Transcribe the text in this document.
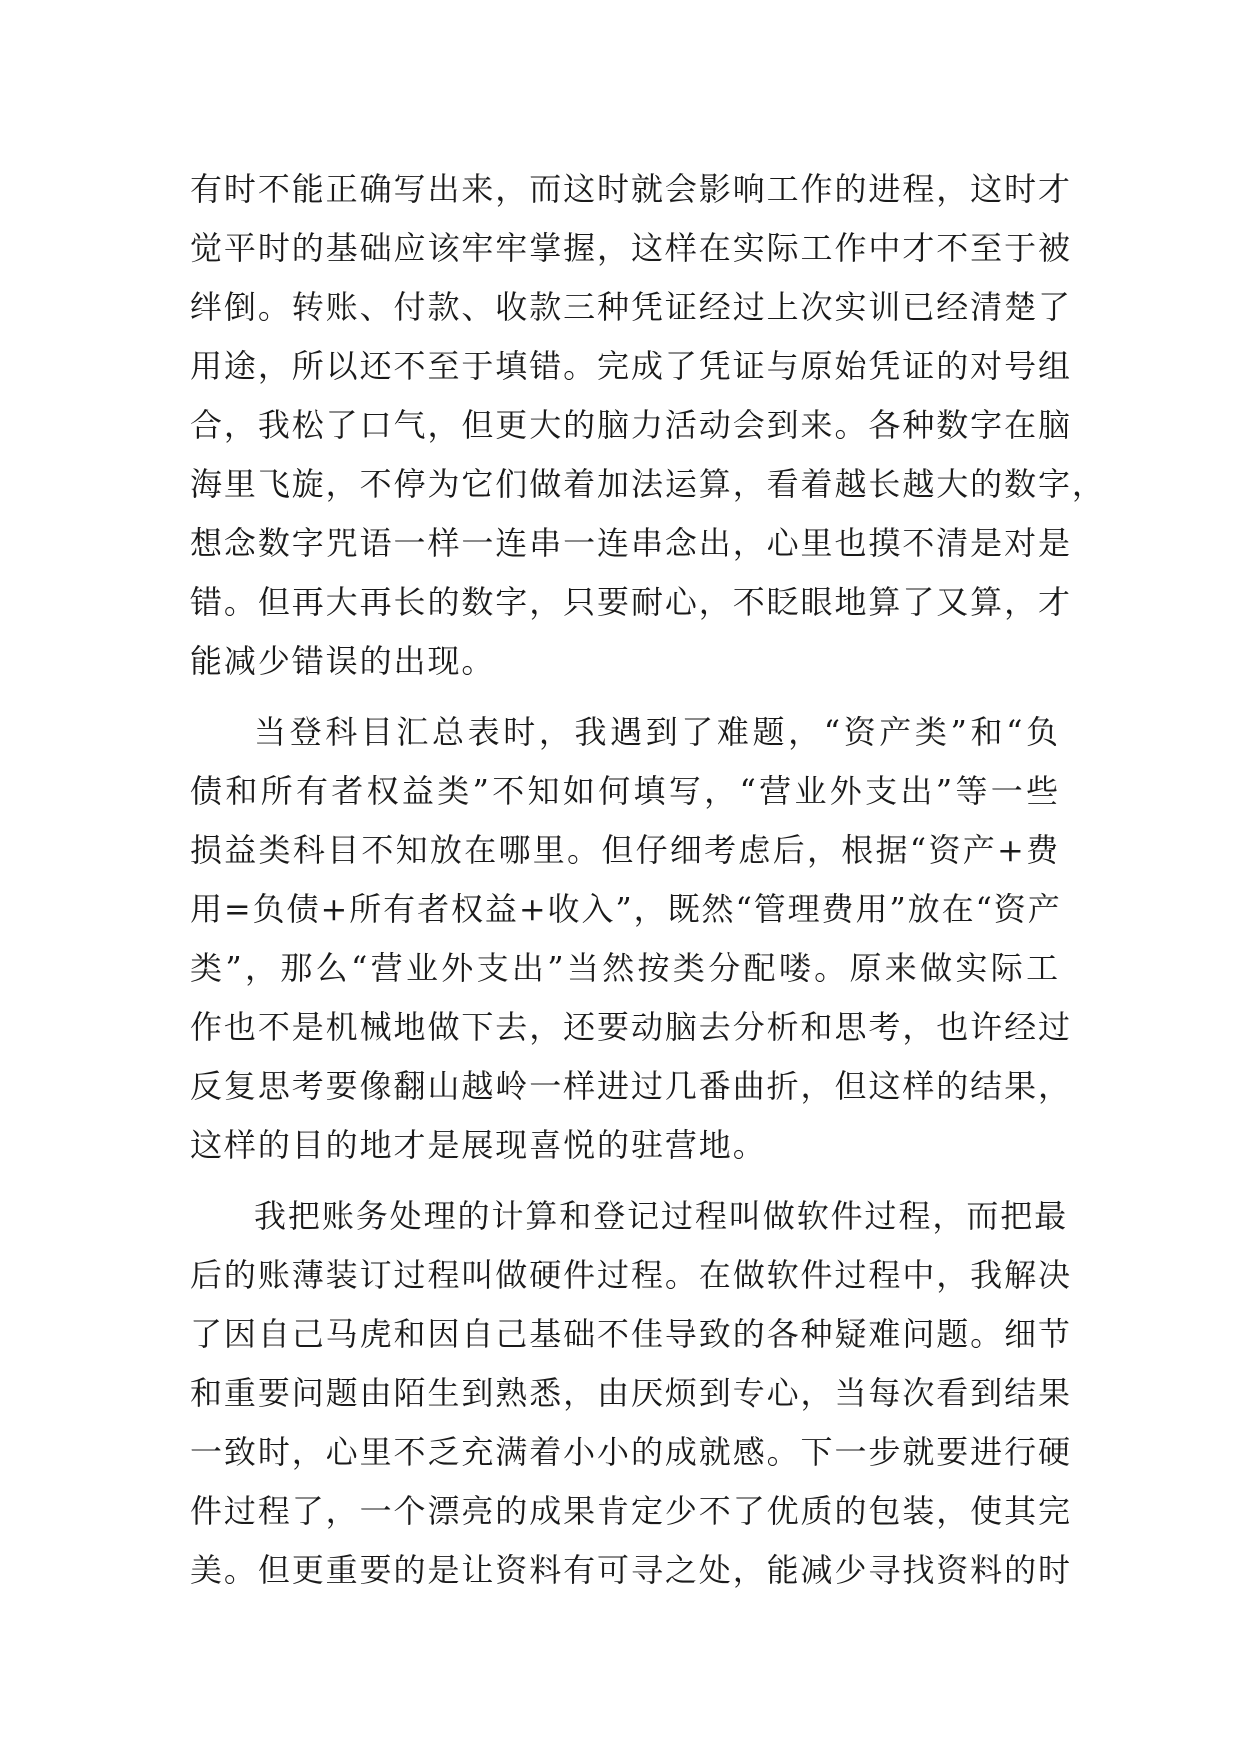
有时不能正确写出来，而这时就会影响工作的进程，这时才
觉平时的基础应该牢牢掌握，这样在实际工作中才不至于被
绊倒。转账、付款、收款三种凭证经过上次实训已经清楚了
用途，所以还不至于填错。完成了凭证与原始凭证的对号组
合，我松了口气，但更大的脑力活动会到来。各种数字在脑
海里飞旋，不停为它们做着加法运算，看着越长越大的数字，
想念数字咒语一样一连串一连串念出，心里也摸不清是对是
错。但再大再长的数字，只要耐心，不眨眼地算了又算，才
能减少错误的出现。
当登科目汇总表时，我遇到了难题，“资产类”和“负
债和所有者权益类”不知如何填写，“营业外支出”等一些
损益类科目不知放在哪里。但仔细考虑后，根据“资产+费
用=负债+所有者权益+收入”，既然“管理费用”放在“资产
类”，那么“营业外支出”当然按类分配喽。原来做实际工
作也不是机械地做下去，还要动脑去分析和思考，也许经过
反复思考要像翻山越岭一样进过几番曲折，但这样的结果，
这样的目的地才是展现喜悦的驻营地。
我把账务处理的计算和登记过程叫做软件过程，而把最
后的账薄装订过程叫做硬件过程。在做软件过程中，我解决
了因自己马虎和因自己基础不佳导致的各种疑难问题。细节
和重要问题由陌生到熟悉，由厌烦到专心，当每次看到结果
一致时，心里不乏充满着小小的成就感。下一步就要进行硬
件过程了，一个漂亮的成果肯定少不了优质的包装，使其完
美。但更重要的是让资料有可寻之处，能减少寻找资料的时
